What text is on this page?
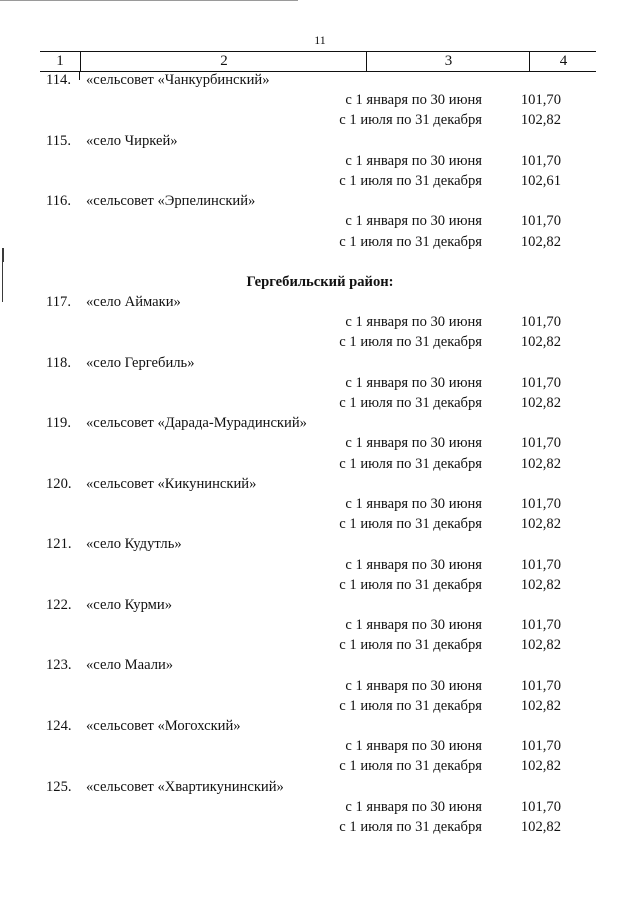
11
1	2	3	4
114. «сельсовет «Чанкурбинский»
с 1 января по 30 июня	101,70
с 1 июля по 31 декабря	102,82
115. «село Чиркей»
с 1 января по 30 июня	101,70
с 1 июля по 31 декабря	102,61
116. «сельсовет «Эрпелинский»
с 1 января по 30 июня	101,70
с 1 июля по 31 декабря	102,82
Гергебильский район:
117. «село Аймаки»
с 1 января по 30 июня	101,70
с 1 июля по 31 декабря	102,82
118. «село Гергебиль»
с 1 января по 30 июня	101,70
с 1 июля по 31 декабря	102,82
119. «сельсовет «Дарада-Мурадинский»
с 1 января по 30 июня	101,70
с 1 июля по 31 декабря	102,82
120. «сельсовет «Кикунинский»
с 1 января по 30 июня	101,70
с 1 июля по 31 декабря	102,82
121. «село Кудутль»
с 1 января по 30 июня	101,70
с 1 июля по 31 декабря	102,82
122. «село Курми»
с 1 января по 30 июня	101,70
с 1 июля по 31 декабря	102,82
123. «село Маали»
с 1 января по 30 июня	101,70
с 1 июля по 31 декабря	102,82
124. «сельсовет «Могохский»
с 1 января по 30 июня	101,70
с 1 июля по 31 декабря	102,82
125. «сельсовет «Хвартикунинский»
с 1 января по 30 июня	101,70
с 1 июля по 31 декабря	102,82
